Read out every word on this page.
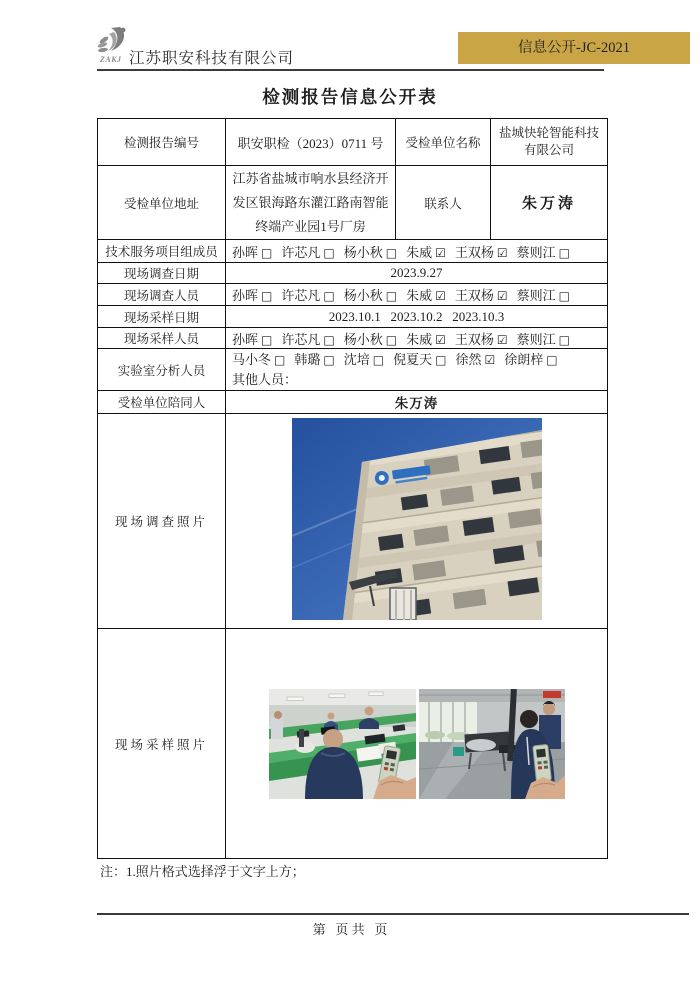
ZAKJ 江苏职安科技有限公司
信息公开-JC-2021
检测报告信息公开表
检测报告编号	职安职检（2023）0711 号	受检单位名称	盐城快轮智能科技有限公司
受检单位地址	江苏省盐城市响水县经济开发区银海路东灌江路南智能终端产业园1号厂房	联系人	朱万涛
技术服务项目组成员	孙晖 □ 许芯凡 □ 杨小秋 □ 朱威 ☑ 王双杨 ☑ 蔡则江 □		
现场调查日期	2023.9.27		
现场调查人员	孙晖 □ 许芯凡 □ 杨小秋 □ 朱威 ☑ 王双杨 ☑ 蔡则江 □		
现场采样日期	2023.10.1   2023.10.2   2023.10.3		
现场采样人员	孙晖 □ 许芯凡 □ 杨小秋 □ 朱威 ☑ 王双杨 ☑ 蔡则江 □		
实验室分析人员	马小冬 □ 韩璐 □ 沈培 □ 倪夏天 □ 徐然 ☑ 徐朗梓 □
其他人员：		

受检单位陪同人	朱万涛		
现场调查照片	
现场采样照片	
注：1.照片格式选择浮于文字上方；
第   页 共   页
